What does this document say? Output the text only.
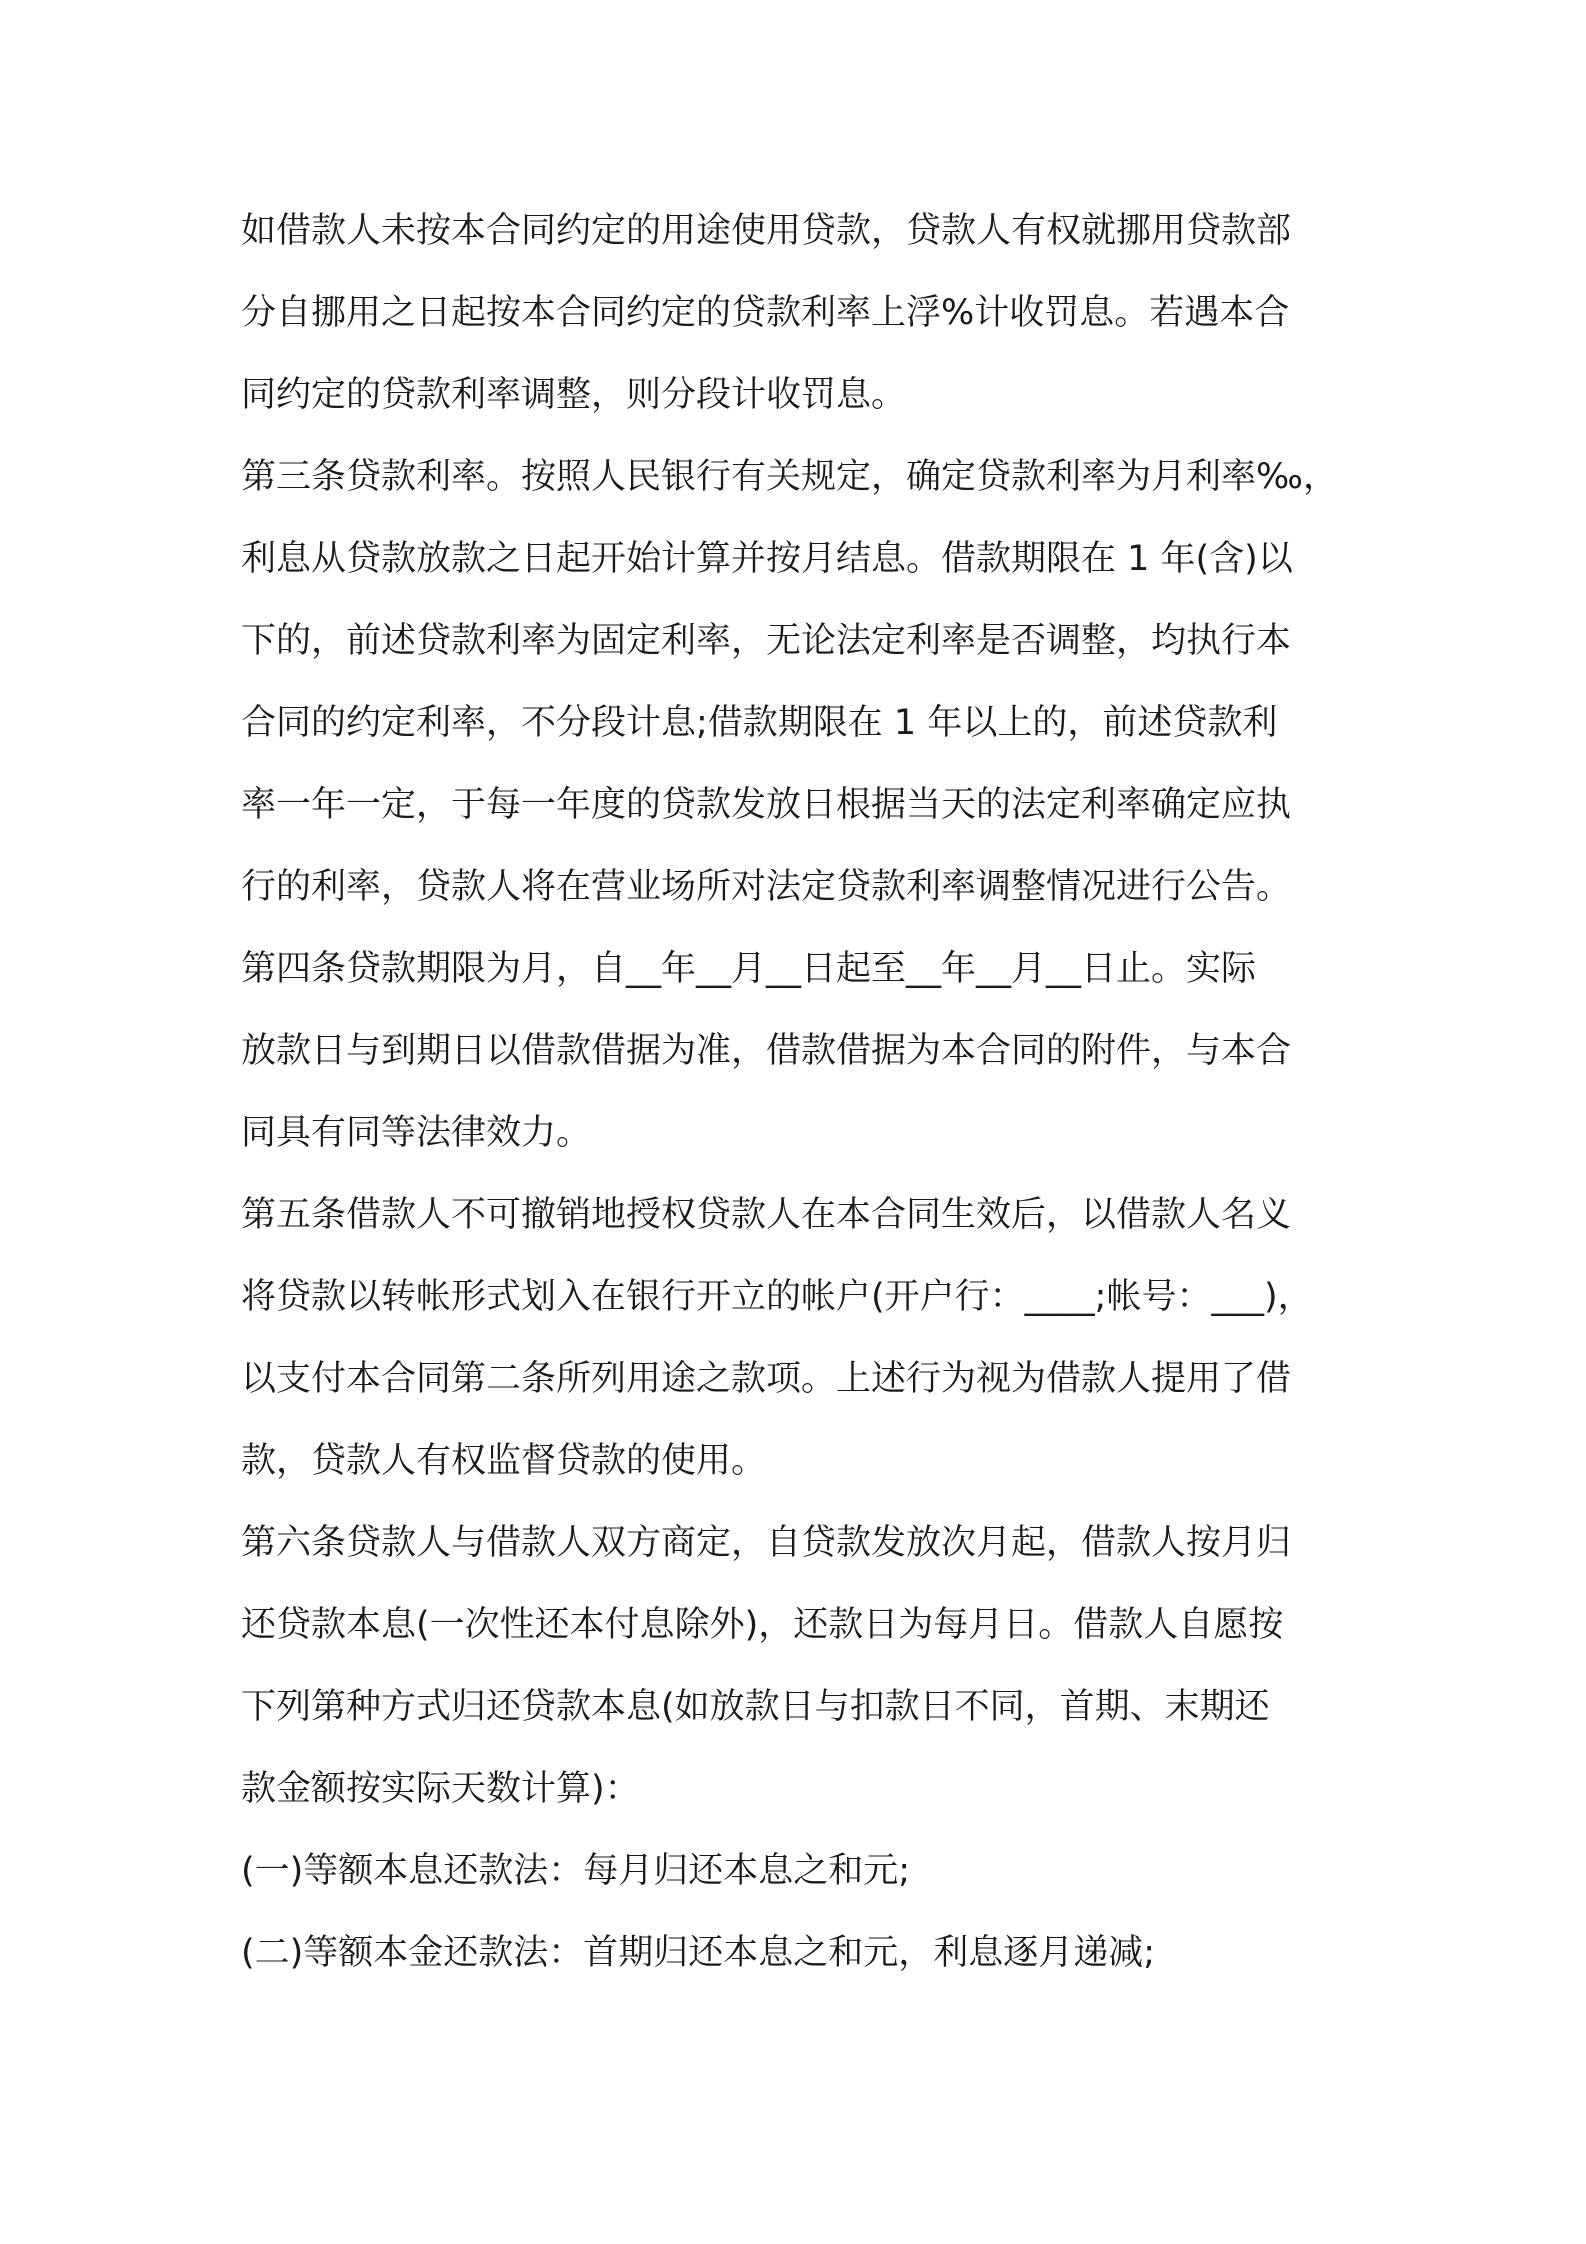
如借款人未按本合同约定的用途使用贷款，贷款人有权就挪用贷款部
分自挪用之日起按本合同约定的贷款利率上浮%计收罚息。若遇本合
同约定的贷款利率调整，则分段计收罚息。
第三条贷款利率。按照人民银行有关规定，确定贷款利率为月利率‰，
利息从贷款放款之日起开始计算并按月结息。借款期限在 1 年(含)以
下的，前述贷款利率为固定利率，无论法定利率是否调整，均执行本
合同的约定利率，不分段计息;借款期限在 1 年以上的，前述贷款利
率一年一定，于每一年度的贷款发放日根据当天的法定利率确定应执
行的利率，贷款人将在营业场所对法定贷款利率调整情况进行公告。
第四条贷款期限为月，自__年__月__日起至__年__月__日止。实际
放款日与到期日以借款借据为准，借款借据为本合同的附件，与本合
同具有同等法律效力。
第五条借款人不可撤销地授权贷款人在本合同生效后，以借款人名义
将贷款以转帐形式划入在银行开立的帐户(开户行：____;帐号：___)，
以支付本合同第二条所列用途之款项。上述行为视为借款人提用了借
款，贷款人有权监督贷款的使用。
第六条贷款人与借款人双方商定，自贷款发放次月起，借款人按月归
还贷款本息(一次性还本付息除外)，还款日为每月日。借款人自愿按
下列第种方式归还贷款本息(如放款日与扣款日不同，首期、末期还
款金额按实际天数计算)：
(一)等额本息还款法：每月归还本息之和元;
(二)等额本金还款法：首期归还本息之和元，利息逐月递减;
